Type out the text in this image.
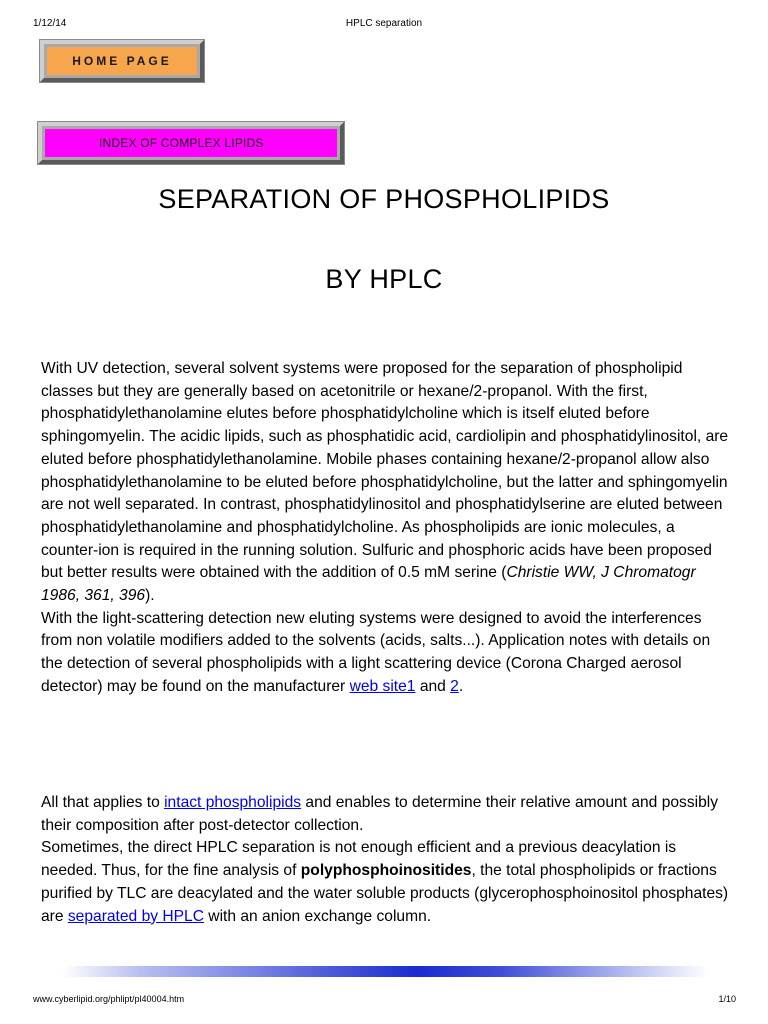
1/12/14	HPLC separation
HOME PAGE
INDEX OF COMPLEX LIPIDS
SEPARATION OF PHOSPHOLIPIDS
BY HPLC

With UV detection, several solvent systems were proposed for the separation of phospholipid classes but they are generally based on acetonitrile or hexane/2-propanol. With the first, phosphatidylethanolamine elutes before phosphatidylcholine which is itself eluted before sphingomyelin. The acidic lipids, such as phosphatidic acid, cardiolipin and phosphatidylinositol, are eluted before phosphatidylethanolamine. Mobile phases containing hexane/2-propanol allow also phosphatidylethanolamine to be eluted before phosphatidylcholine, but the latter and sphingomyelin are not well separated. In contrast, phosphatidylinositol and phosphatidylserine are eluted between phosphatidylethanolamine and phosphatidylcholine. As phospholipids are ionic molecules, a counter-ion is required in the running solution. Sulfuric and phosphoric acids have been proposed but better results were obtained with the addition of 0.5 mM serine (Christie WW, J Chromatogr 1986, 361, 396).

With the light-scattering detection new eluting systems were designed to avoid the interferences from non volatile modifiers added to the solvents (acids, salts...). Application notes with details on the detection of several phospholipids with a light scattering device (Corona Charged aerosol detector) may be found on the manufacturer web site1 and 2.

All that applies to intact phospholipids and enables to determine their relative amount and possibly their composition after post-detector collection.

Sometimes, the direct HPLC separation is not enough efficient and a previous deacylation is needed. Thus, for the fine analysis of polyphosphoinositides, the total phospholipids or fractions purified by TLC are deacylated and the water soluble products (glycerophosphoinositol phosphates) are separated by HPLC with an anion exchange column.

www.cyberlipid.org/phlipt/pl40004.htm	1/10
